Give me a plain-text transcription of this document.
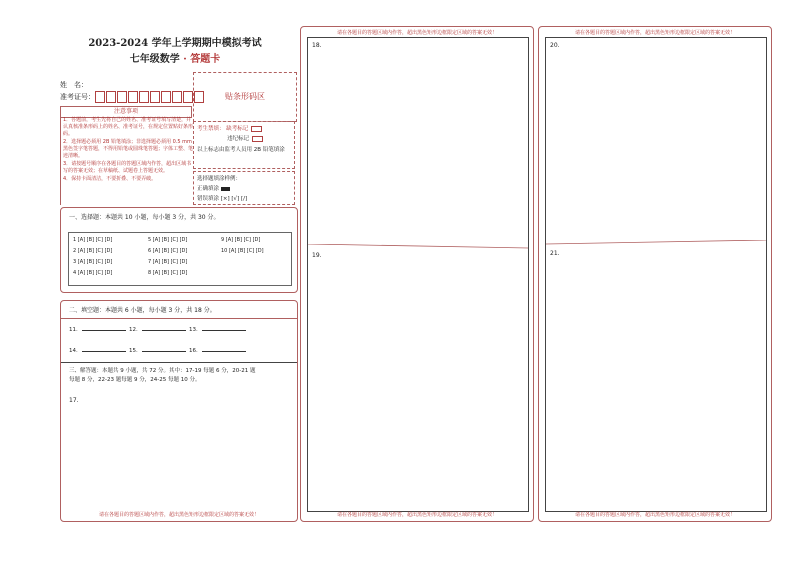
2023-2024 学年上学期期中模拟考试
七年级数学 · 答题卡
姓　名：
准考证号：
注意事项
1．答题前，考生先将自己的姓名、准考证号填写清楚，并认真核准条形码上的姓名、准考证号，在规定位置贴好条形码。
2．选择题必须用 2B 铅笔填涂；非选择题必须用 0.5 mm 黑色签字笔答题，不得用铅笔或圆珠笔答题；字体工整、笔迹清晰。
3．请按题号顺序在各题目的答题区域内作答，超出区域书写的答案无效；在草稿纸、试题卷上答题无效。
4．保持卡面清洁，不要折叠、不要弄破。
贴条形码区
考生禁填： 缺考标记
违纪标记
以上标志由监考人员用 2B 铅笔填涂
选择题填涂样例：
正确填涂
错误填涂 [×] [√] [/]
一、选择题：本题共 10 小题，每小题 3 分，共 30 分。
1 [A] [B] [C] [D]
2 [A] [B] [C] [D]
3 [A] [B] [C] [D]
4 [A] [B] [C] [D]
5 [A] [B] [C] [D]
6 [A] [B] [C] [D]
7 [A] [B] [C] [D]
8 [A] [B] [C] [D]
9 [A] [B] [C] [D]
10 [A] [B] [C] [D]
二、填空题：本题共 6 小题，每小题 3 分，共 18 分。
11.	12.	13.
14.	15.	16.
三、解答题：本题共 9 小题，共 72 分。其中：17-19 每题 6 分，20-21 题
每题 8 分，22-23 题每题 9 分，24-25 每题 10 分。
17.
请在各题目的答题区域内作答，超出黑色矩形边框限定区域的答案无效！
请在各题目的答题区域内作答，超出黑色矩形边框限定区域的答案无效！
18.
19.
请在各题目的答题区域内作答，超出黑色矩形边框限定区域的答案无效！
请在各题目的答题区域内作答，超出黑色矩形边框限定区域的答案无效！
20.
21.
请在各题目的答题区域内作答，超出黑色矩形边框限定区域的答案无效！
